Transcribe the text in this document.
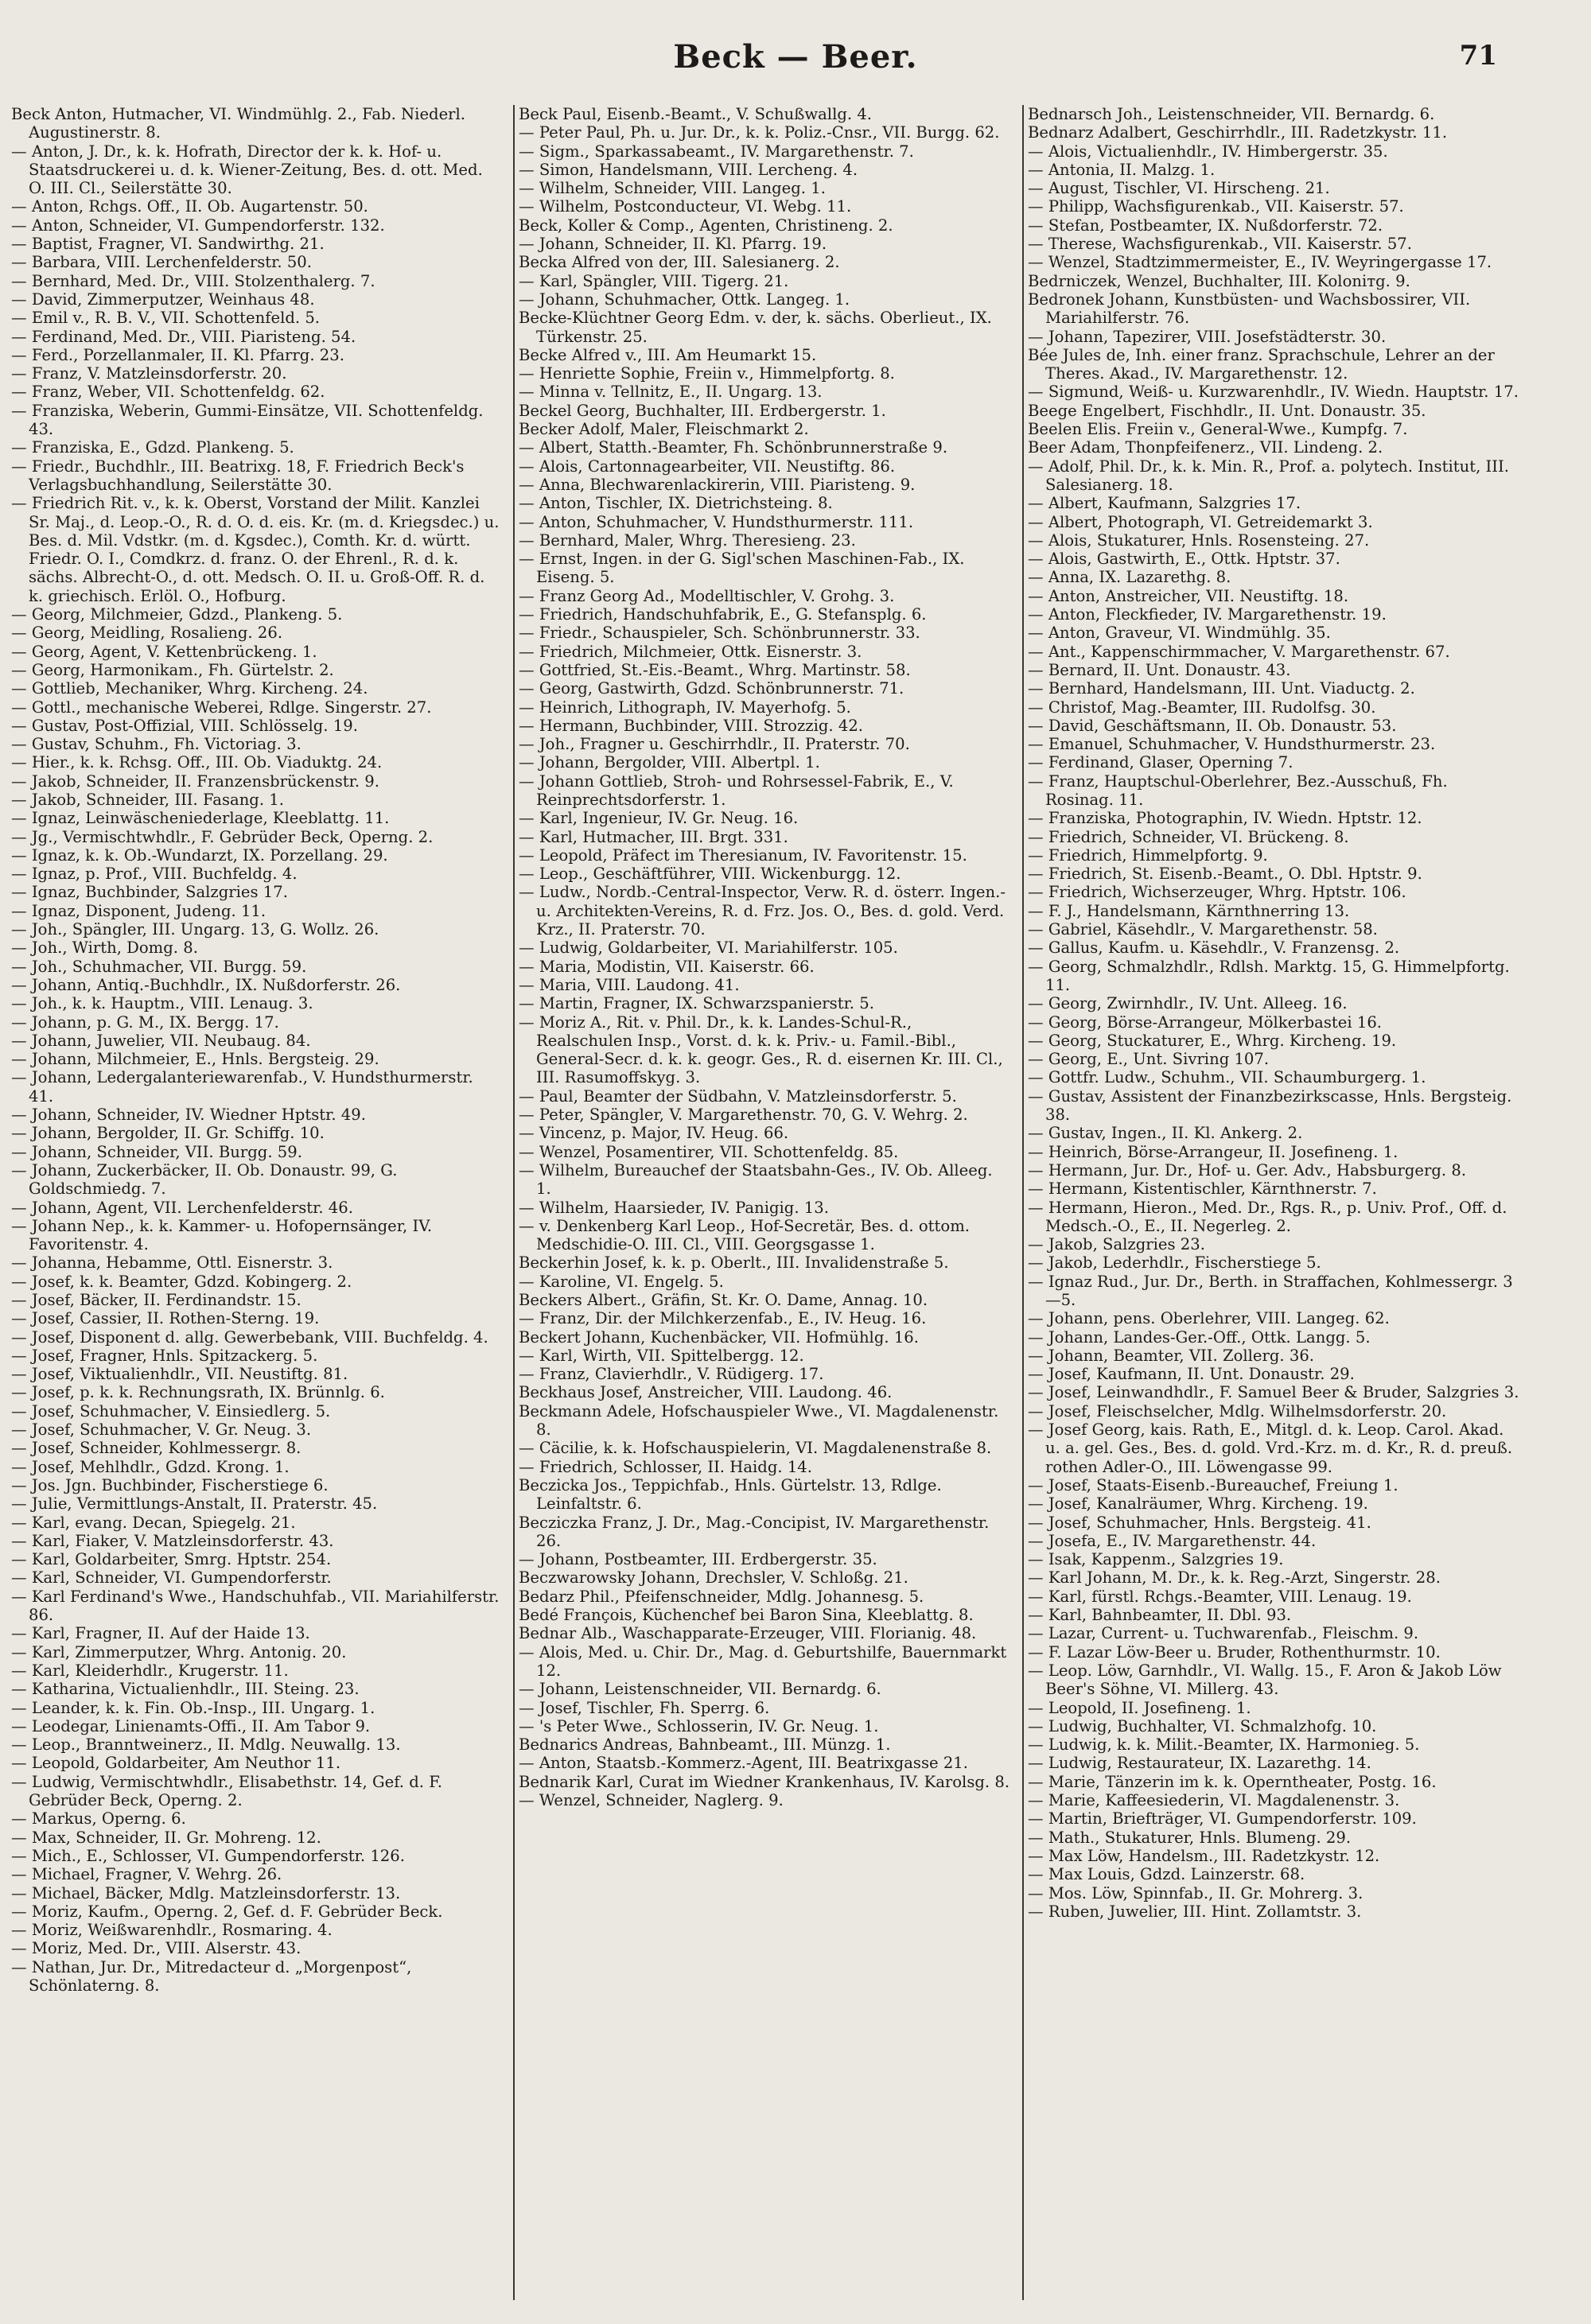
Beck — Beer.	71

Beck Anton, Hutmacher, VI. Windmühlg. 2., Fab. Niederl. Augustinerstr. 8.

— Anton, J. Dr., k. k. Hofrath, Director der k. k. Hof- u. Staatsdruckerei u. d. k. Wiener-Zeitung, Bes. d. ott. Med. O. III. Cl., Seilerstätte 30.

— Anton, Rchgs. Off., II. Ob. Augartenstr. 50.

— Anton, Schneider, VI. Gumpendorferstr. 132.

— Baptist, Fragner, VI. Sandwirthg. 21.

— Barbara, VIII. Lerchenfelderstr. 50.

— Bernhard, Med. Dr., VIII. Stolzenthalerg. 7.

— David, Zimmerputzer, Weinhaus 48.

— Emil v., R. B. V., VII. Schottenfeld. 5.

— Ferdinand, Med. Dr., VIII. Piaristeng. 54.

— Ferd., Porzellanmaler, II. Kl. Pfarrg. 23.

— Franz, V. Matzleinsdorferstr. 20.

— Franz, Weber, VII. Schottenfeldg. 62.

— Franziska, Weberin, Gummi-Einsätze, VII. Schottenfeldg. 43.

— Franziska, E., Gdzd. Plankeng. 5.

— Friedr., Buchdhlr., III. Beatrixg. 18, F. Friedrich Beck's Verlagsbuchhandlung, Seilerstätte 30.

— Friedrich Rit. v., k. k. Oberst, Vorstand der Milit. Kanzlei Sr. Maj., d. Leop.-O., R. d. O. d. eis. Kr. (m. d. Kriegsdec.) u. Bes. d. Mil. Vdstkr. (m. d. Kgsdec.), Comth. Kr. d. württ. Friedr. O. I., Comdkrz. d. franz. O. der Ehrenl., R. d. k. sächs. Albrecht-O., d. ott. Medsch. O. II. u. Groß-Off. R. d. k. griechisch. Erlöl. O., Hofburg.

— Georg, Milchmeier, Gdzd., Plankeng. 5.

— Georg, Meidling, Rosalieng. 26.

— Georg, Agent, V. Kettenbrückeng. 1.

— Georg, Harmonikam., Fh. Gürtelstr. 2.

— Gottlieb, Mechaniker, Whrg. Kircheng. 24.

— Gottl., mechanische Weberei, Rdlge. Singerstr. 27.

— Gustav, Post-Offizial, VIII. Schlösselg. 19.

— Gustav, Schuhm., Fh. Victoriag. 3.

— Hier., k. k. Rchsg. Off., III. Ob. Viaduktg. 24.

— Jakob, Schneider, II. Franzensbrückenstr. 9.

— Jakob, Schneider, III. Fasang. 1.

— Ignaz, Leinwäscheniederlage, Kleeblattg. 11.

— Jg., Vermischtwhdlr., F. Gebrüder Beck, Operng. 2.

— Ignaz, k. k. Ob.-Wundarzt, IX. Porzellang. 29.

— Ignaz, p. Prof., VIII. Buchfeldg. 4.

— Ignaz, Buchbinder, Salzgries 17.

— Ignaz, Disponent, Judeng. 11.

— Joh., Spängler, III. Ungarg. 13, G. Wollz. 26.

— Joh., Wirth, Domg. 8.

— Joh., Schuhmacher, VII. Burgg. 59.

— Johann, Antiq.-Buchhdlr., IX. Nußdorferstr. 26.

— Joh., k. k. Hauptm., VIII. Lenaug. 3.

— Johann, p. G. M., IX. Bergg. 17.

— Johann, Juwelier, VII. Neubaug. 84.

— Johann, Milchmeier, E., Hnls. Bergsteig. 29.

— Johann, Ledergalanteriewarenfab., V. Hundsthurmerstr. 41.

— Johann, Schneider, IV. Wiedner Hptstr. 49.

— Johann, Bergolder, II. Gr. Schiffg. 10.

— Johann, Schneider, VII. Burgg. 59.

— Johann, Zuckerbäcker, II. Ob. Donaustr. 99, G. Goldschmiedg. 7.

— Johann, Agent, VII. Lerchenfelderstr. 46.

— Johann Nep., k. k. Kammer- u. Hofopernsänger, IV. Favoritenstr. 4.

— Johanna, Hebamme, Ottl. Eisnerstr. 3.

— Josef, k. k. Beamter, Gdzd. Kobingerg. 2.

— Josef, Bäcker, II. Ferdinandstr. 15.

— Josef, Cassier, II. Rothen-Sterng. 19.

— Josef, Disponent d. allg. Gewerbebank, VIII. Buchfeldg. 4.

— Josef, Fragner, Hnls. Spitzackerg. 5.

— Josef, Viktualienhdlr., VII. Neustiftg. 81.

— Josef, p. k. k. Rechnungsrath, IX. Brünnlg. 6.

— Josef, Schuhmacher, V. Einsiedlerg. 5.

— Josef, Schuhmacher, V. Gr. Neug. 3.

— Josef, Schneider, Kohlmessergr. 8.

— Josef, Mehlhdlr., Gdzd. Krong. 1.

— Jos. Jgn. Buchbinder, Fischerstiege 6.

— Julie, Vermittlungs-Anstalt, II. Praterstr. 45.

— Karl, evang. Decan, Spiegelg. 21.

— Karl, Fiaker, V. Matzleinsdorferstr. 43.

— Karl, Goldarbeiter, Smrg. Hptstr. 254.

— Karl, Schneider, VI. Gumpendorferstr.

— Karl Ferdinand's Wwe., Handschuhfab., VII. Mariahilferstr. 86.

— Karl, Fragner, II. Auf der Haide 13.

— Karl, Zimmerputzer, Whrg. Antonig. 20.

— Karl, Kleiderhdlr., Krugerstr. 11.

— Katharina, Victualienhdlr., III. Steing. 23.

— Leander, k. k. Fin. Ob.-Insp., III. Ungarg. 1.

— Leodegar, Linienamts-Offi., II. Am Tabor 9.

— Leop., Branntweinerz., II. Mdlg. Neuwallg. 13.

— Leopold, Goldarbeiter, Am Neuthor 11.

— Ludwig, Vermischtwhdlr., Elisabethstr. 14, Gef. d. F. Gebrüder Beck, Operng. 2.

— Markus, Operng. 6.

— Max, Schneider, II. Gr. Mohreng. 12.

— Mich., E., Schlosser, VI. Gumpendorferstr. 126.

— Michael, Fragner, V. Wehrg. 26.

— Michael, Bäcker, Mdlg. Matzleinsdorferstr. 13.

— Moriz, Kaufm., Operng. 2, Gef. d. F. Gebrüder Beck.

— Moriz, Weißwarenhdlr., Rosmaring. 4.

— Moriz, Med. Dr., VIII. Alserstr. 43.

— Nathan, Jur. Dr., Mitredacteur d. „Morgenpost“, Schönlaterng. 8.

Beck Paul, Eisenb.-Beamt., V. Schußwallg. 4.

— Peter Paul, Ph. u. Jur. Dr., k. k. Poliz.-Cnsr., VII. Burgg. 62.

— Sigm., Sparkassabeamt., IV. Margarethenstr. 7.

— Simon, Handelsmann, VIII. Lercheng. 4.

— Wilhelm, Schneider, VIII. Langeg. 1.

— Wilhelm, Postconducteur, VI. Webg. 11.

Beck, Koller & Comp., Agenten, Christineng. 2.

— Johann, Schneider, II. Kl. Pfarrg. 19.

Becka Alfred von der, III. Salesianerg. 2.

— Karl, Spängler, VIII. Tigerg. 21.

— Johann, Schuhmacher, Ottk. Langeg. 1.

Becke-Klüchtner Georg Edm. v. der, k. sächs. Oberlieut., IX. Türkenstr. 25.

Becke Alfred v., III. Am Heumarkt 15.

— Henriette Sophie, Freiin v., Himmelpfortg. 8.

— Minna v. Tellnitz, E., II. Ungarg. 13.

Beckel Georg, Buchhalter, III. Erdbergerstr. 1.

Becker Adolf, Maler, Fleischmarkt 2.

— Albert, Statth.-Beamter, Fh. Schönbrunnerstraße 9.

— Alois, Cartonnagearbeiter, VII. Neustiftg. 86.

— Anna, Blechwarenlackirerin, VIII. Piaristeng. 9.

— Anton, Tischler, IX. Dietrichsteing. 8.

— Anton, Schuhmacher, V. Hundsthurmerstr. 111.

— Bernhard, Maler, Whrg. Theresieng. 23.

— Ernst, Ingen. in der G. Sigl'schen Maschinen-Fab., IX. Eiseng. 5.

— Franz Georg Ad., Modelltischler, V. Grohg. 3.

— Friedrich, Handschuhfabrik, E., G. Stefansplg. 6.

— Friedr., Schauspieler, Sch. Schönbrunnerstr. 33.

— Friedrich, Milchmeier, Ottk. Eisnerstr. 3.

— Gottfried, St.-Eis.-Beamt., Whrg. Martinstr. 58.

— Georg, Gastwirth, Gdzd. Schönbrunnerstr. 71.

— Heinrich, Lithograph, IV. Mayerhofg. 5.

— Hermann, Buchbinder, VIII. Strozzig. 42.

— Joh., Fragner u. Geschirrhdlr., II. Praterstr. 70.

— Johann, Bergolder, VIII. Albertpl. 1.

— Johann Gottlieb, Stroh- und Rohrsessel-Fabrik, E., V. Reinprechtsdorferstr. 1.

— Karl, Ingenieur, IV. Gr. Neug. 16.

— Karl, Hutmacher, III. Brgt. 331.

— Leopold, Präfect im Theresianum, IV. Favoritenstr. 15.

— Leop., Geschäftführer, VIII. Wickenburgg. 12.

— Ludw., Nordb.-Central-Inspector, Verw. R. d. österr. Ingen.- u. Architekten-Vereins, R. d. Frz. Jos. O., Bes. d. gold. Verd. Krz., II. Praterstr. 70.

— Ludwig, Goldarbeiter, VI. Mariahilferstr. 105.

— Maria, Modistin, VII. Kaiserstr. 66.

— Maria, VIII. Laudong. 41.

— Martin, Fragner, IX. Schwarzspanierstr. 5.

— Moriz A., Rit. v. Phil. Dr., k. k. Landes-Schul-R., Realschulen Insp., Vorst. d. k. k. Priv.- u. Famil.-Bibl., General-Secr. d. k. k. geogr. Ges., R. d. eisernen Kr. III. Cl., III. Rasumoffskyg. 3.

— Paul, Beamter der Südbahn, V. Matzleinsdorferstr. 5.

— Peter, Spängler, V. Margarethenstr. 70, G. V. Wehrg. 2.

— Vincenz, p. Major, IV. Heug. 66.

— Wenzel, Posamentirer, VII. Schottenfeldg. 85.

— Wilhelm, Bureauchef der Staatsbahn-Ges., IV. Ob. Alleeg. 1.

— Wilhelm, Haarsieder, IV. Panigig. 13.

— v. Denkenberg Karl Leop., Hof-Secretär, Bes. d. ottom. Medschidie-O. III. Cl., VIII. Georgsgasse 1.

Beckerhin Josef, k. k. p. Oberlt., III. Invalidenstraße 5.

— Karoline, VI. Engelg. 5.

Beckers Albert., Gräfin, St. Kr. O. Dame, Annag. 10.

— Franz, Dir. der Milchkerzenfab., E., IV. Heug. 16.

Beckert Johann, Kuchenbäcker, VII. Hofmühlg. 16.

— Karl, Wirth, VII. Spittelbergg. 12.

— Franz, Clavierhdlr., V. Rüdigerg. 17.

Beckhaus Josef, Anstreicher, VIII. Laudong. 46.

Beckmann Adele, Hofschauspieler Wwe., VI. Magdalenenstr. 8.

— Cäcilie, k. k. Hofschauspielerin, VI. Magdalenenstraße 8.

— Friedrich, Schlosser, II. Haidg. 14.

Beczicka Jos., Teppichfab., Hnls. Gürtelstr. 13, Rdlge. Leinfaltstr. 6.

Becziczka Franz, J. Dr., Mag.-Concipist, IV. Margarethenstr. 26.

— Johann, Postbeamter, III. Erdbergerstr. 35.

Beczwarowsky Johann, Drechsler, V. Schloßg. 21.

Bedarz Phil., Pfeifenschneider, Mdlg. Johannesg. 5.

Bedé François, Küchenchef bei Baron Sina, Kleeblattg. 8.

Bednar Alb., Waschapparate-Erzeuger, VIII. Florianig. 48.

— Alois, Med. u. Chir. Dr., Mag. d. Geburtshilfe, Bauernmarkt 12.

— Johann, Leistenschneider, VII. Bernardg. 6.

— Josef, Tischler, Fh. Sperrg. 6.

— 's Peter Wwe., Schlosserin, IV. Gr. Neug. 1.

Bednarics Andreas, Bahnbeamt., III. Münzg. 1.

— Anton, Staatsb.-Kommerz.-Agent, III. Beatrixgasse 21.

Bednarik Karl, Curat im Wiedner Krankenhaus, IV. Karolsg. 8.

— Wenzel, Schneider, Naglerg. 9.

Bednarsch Joh., Leistenschneider, VII. Bernardg. 6.

Bednarz Adalbert, Geschirrhdlr., III. Radetzkystr. 11.

— Alois, Victualienhdlr., IV. Himbergerstr. 35.

— Antonia, II. Malzg. 1.

— August, Tischler, VI. Hirscheng. 21.

— Philipp, Wachsfigurenkab., VII. Kaiserstr. 57.

— Stefan, Postbeamter, IX. Nußdorferstr. 72.

— Therese, Wachsfigurenkab., VII. Kaiserstr. 57.

— Wenzel, Stadtzimmermeister, E., IV. Weyringergasse 17.

Bedrniczek, Wenzel, Buchhalter, III. Koloniтg. 9.

Bedronek Johann, Kunstbüsten- und Wachsbossirer, VII. Mariahilferstr. 76.

— Johann, Tapezirer, VIII. Josefstädterstr. 30.

Bée Jules de, Inh. einer franz. Sprachschule, Lehrer an der Theres. Akad., IV. Margarethenstr. 12.

— Sigmund, Weiß- u. Kurzwarenhdlr., IV. Wiedn. Hauptstr. 17.

Beege Engelbert, Fischhdlr., II. Unt. Donaustr. 35.

Beelen Elis. Freiin v., General-Wwe., Kumpfg. 7.

Beer Adam, Thonpfeifenerz., VII. Lindeng. 2.

— Adolf, Phil. Dr., k. k. Min. R., Prof. a. polytech. Institut, III. Salesianerg. 18.

— Albert, Kaufmann, Salzgries 17.

— Albert, Photograph, VI. Getreidemarkt 3.

— Alois, Stukaturer, Hnls. Rosensteing. 27.

— Alois, Gastwirth, E., Ottk. Hptstr. 37.

— Anna, IX. Lazarethg. 8.

— Anton, Anstreicher, VII. Neustiftg. 18.

— Anton, Fleckfieder, IV. Margarethenstr. 19.

— Anton, Graveur, VI. Windmühlg. 35.

— Ant., Kappenschirmmacher, V. Margarethenstr. 67.

— Bernard, II. Unt. Donaustr. 43.

— Bernhard, Handelsmann, III. Unt. Viaductg. 2.

— Christof, Mag.-Beamter, III. Rudolfsg. 30.

— David, Geschäftsmann, II. Ob. Donaustr. 53.

— Emanuel, Schuhmacher, V. Hundsthurmerstr. 23.

— Ferdinand, Glaser, Operning 7.

— Franz, Hauptschul-Oberlehrer, Bez.-Ausschuß, Fh. Rosinag. 11.

— Franziska, Photographin, IV. Wiedn. Hptstr. 12.

— Friedrich, Schneider, VI. Brückeng. 8.

— Friedrich, Himmelpfortg. 9.

— Friedrich, St. Eisenb.-Beamt., O. Dbl. Hptstr. 9.

— Friedrich, Wichserzeuger, Whrg. Hptstr. 106.

— F. J., Handelsmann, Kärnthnerring 13.

— Gabriel, Käsehdlr., V. Margarethenstr. 58.

— Gallus, Kaufm. u. Käsehdlr., V. Franzensg. 2.

— Georg, Schmalzhdlr., Rdlsh. Marktg. 15, G. Himmelpfortg. 11.

— Georg, Zwirnhdlr., IV. Unt. Alleeg. 16.

— Georg, Börse-Arrangeur, Mölkerbastei 16.

— Georg, Stuckaturer, E., Whrg. Kircheng. 19.

— Georg, E., Unt. Sivring 107.

— Gottfr. Ludw., Schuhm., VII. Schaumburgerg. 1.

— Gustav, Assistent der Finanzbezirkscasse, Hnls. Bergsteig. 38.

— Gustav, Ingen., II. Kl. Ankerg. 2.

— Heinrich, Börse-Arrangeur, II. Josefineng. 1.

— Hermann, Jur. Dr., Hof- u. Ger. Adv., Habsburgerg. 8.

— Hermann, Kistentischler, Kärnthnerstr. 7.

— Hermann, Hieron., Med. Dr., Rgs. R., p. Univ. Prof., Off. d. Medsch.-O., E., II. Negerleg. 2.

— Jakob, Salzgries 23.

— Jakob, Lederhdlr., Fischerstiege 5.

— Ignaz Rud., Jur. Dr., Berth. in Straffachen, Kohlmessergr. 3—5.

— Johann, pens. Oberlehrer, VIII. Langeg. 62.

— Johann, Landes-Ger.-Off., Ottk. Langg. 5.

— Johann, Beamter, VII. Zollerg. 36.

— Josef, Kaufmann, II. Unt. Donaustr. 29.

— Josef, Leinwandhdlr., F. Samuel Beer & Bruder, Salzgries 3.

— Josef, Fleischselcher, Mdlg. Wilhelmsdorferstr. 20.

— Josef Georg, kais. Rath, E., Mitgl. d. k. Leop. Carol. Akad. u. a. gel. Ges., Bes. d. gold. Vrd.-Krz. m. d. Kr., R. d. preuß. rothen Adler-O., III. Löwengasse 99.

— Josef, Staats-Eisenb.-Bureauchef, Freiung 1.

— Josef, Kanalräumer, Whrg. Kircheng. 19.

— Josef, Schuhmacher, Hnls. Bergsteig. 41.

— Josefa, E., IV. Margarethenstr. 44.

— Isak, Kappenm., Salzgries 19.

— Karl Johann, M. Dr., k. k. Reg.-Arzt, Singerstr. 28.

— Karl, fürstl. Rchgs.-Beamter, VIII. Lenaug. 19.

— Karl, Bahnbeamter, II. Dbl. 93.

— Lazar, Current- u. Tuchwarenfab., Fleischm. 9.

— F. Lazar Löw-Beer u. Bruder, Rothenthurmstr. 10.

— Leop. Löw, Garnhdlr., VI. Wallg. 15., F. Aron & Jakob Löw Beer's Söhne, VI. Millerg. 43.

— Leopold, II. Josefineng. 1.

— Ludwig, Buchhalter, VI. Schmalzhofg. 10.

— Ludwig, k. k. Milit.-Beamter, IX. Harmonieg. 5.

— Ludwig, Restaurateur, IX. Lazarethg. 14.

— Marie, Tänzerin im k. k. Operntheater, Postg. 16.

— Marie, Kaffeesiederin, VI. Magdalenenstr. 3.

— Martin, Briefträger, VI. Gumpendorferstr. 109.

— Math., Stukaturer, Hnls. Blumeng. 29.

— Max Löw, Handelsm., III. Radetzkystr. 12.

— Max Louis, Gdzd. Lainzerstr. 68.

— Mos. Löw, Spinnfab., II. Gr. Mohrerg. 3.

— Ruben, Juwelier, III. Hint. Zollamtstr. 3.
